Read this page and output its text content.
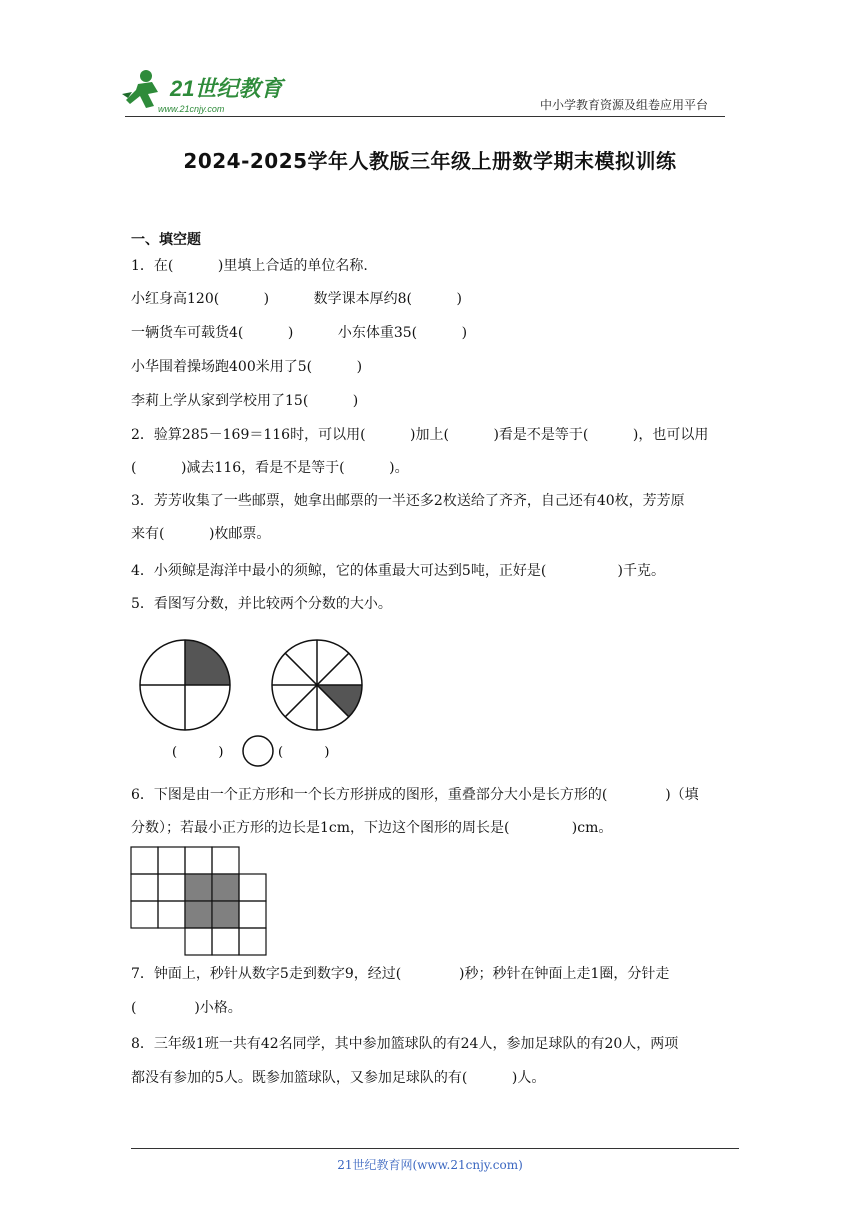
21世纪教育
www.21cnjy.com	中小学教育资源及组卷应用平台
2024-2025学年人教版三年级上册数学期末模拟训练
一、填空题
1．在(          )里填上合适的单位名称.
小红身高120(          )          数学课本厚约8(          )
一辆货车可载货4(          )          小东体重35(          )
小华围着操场跑400米用了5(          )
李莉上学从家到学校用了15(          )
2．验算285－169＝116时，可以用(          )加上(          )看是不是等于(          )，也可以用
(          )减去116，看是不是等于(          )。
3．芳芳收集了一些邮票，她拿出邮票的一半还多2枚送给了齐齐，自己还有40枚，芳芳原
来有(          )枚邮票。
4．小须鲸是海洋中最小的须鲸，它的体重最大可达到5吨，正好是(                )千克。
5．看图写分数，并比较两个分数的大小。
(          )	(          )
6．下图是由一个正方形和一个长方形拼成的图形，重叠部分大小是长方形的(             )（填
分数）；若最小正方形的边长是1cm，下边这个图形的周长是(              )cm。
7．钟面上，秒针从数字5走到数字9，经过(             )秒；秒针在钟面上走1圈，分针走
(             )小格。
8．三年级1班一共有42名同学，其中参加篮球队的有24人，参加足球队的有20人，两项
都没有参加的5人。既参加篮球队，又参加足球队的有(          )人。
21世纪教育网(www.21cnjy.com)
